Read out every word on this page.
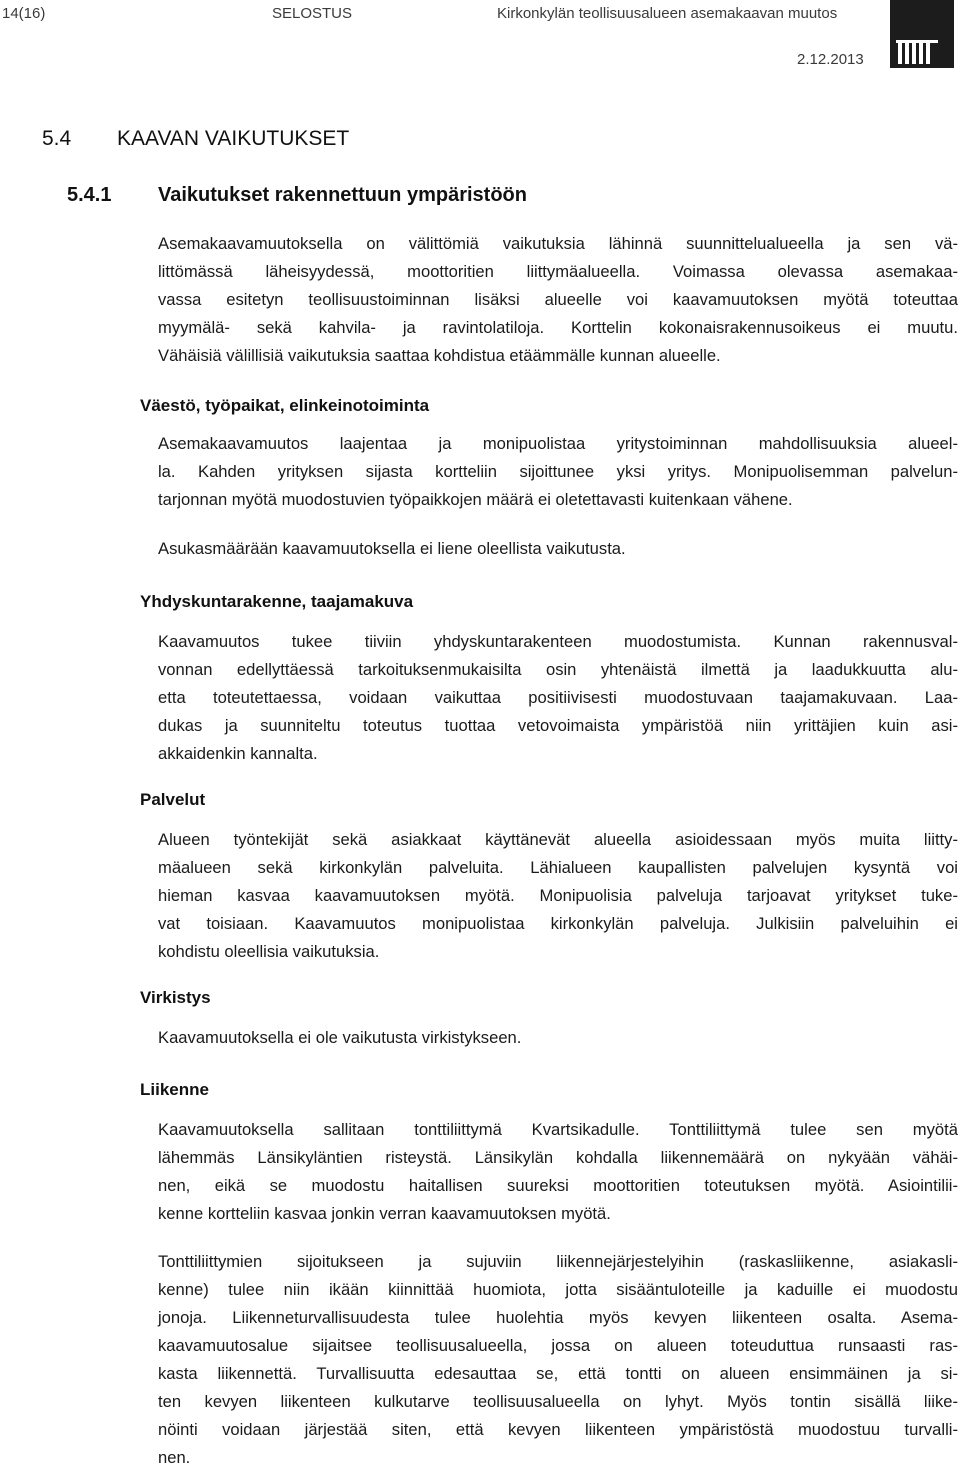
14(16)	SELOSTUS	Kirkonkylän teollisuusalueen asemakaavan muutos
2.12.2013
5.4 KAAVAN VAIKUTUKSET
5.4.1 Vaikutukset rakennettuun ympäristöön
Asemakaavamuutoksella on välittömiä vaikutuksia lähinnä suunnittelualueella ja sen vä-
littömässä läheisyydessä, moottoritien liittymäalueella. Voimassa olevassa asemakaa-
vassa esitetyn teollisuustoiminnan lisäksi alueelle voi kaavamuutoksen myötä toteuttaa
myymälä- sekä kahvila- ja ravintolatiloja. Korttelin kokonaisrakennusoikeus ei muutu.
Vähäisiä välillisiä vaikutuksia saattaa kohdistua etäämmälle kunnan alueelle.
Väestö, työpaikat, elinkeinotoiminta
Asemakaavamuutos laajentaa ja monipuolistaa yritystoiminnan mahdollisuuksia alueel-
la. Kahden yrityksen sijasta kortteliin sijoittunee yksi yritys. Monipuolisemman palvelun-
tarjonnan myötä muodostuvien työpaikkojen määrä ei oletettavasti kuitenkaan vähene.
Asukasmäärään kaavamuutoksella ei liene oleellista vaikutusta.
Yhdyskuntarakenne, taajamakuva
Kaavamuutos tukee tiiviin yhdyskuntarakenteen muodostumista. Kunnan rakennusval-
vonnan edellyttäessä tarkoituksenmukaisilta osin yhtenäistä ilmettä ja laadukkuutta alu-
etta toteutettaessa, voidaan vaikuttaa positiivisesti muodostuvaan taajamakuvaan. Laa-
dukas ja suunniteltu toteutus tuottaa vetovoimaista ympäristöä niin yrittäjien kuin asi-
akkaidenkin kannalta.
Palvelut
Alueen työntekijät sekä asiakkaat käyttänevät alueella asioidessaan myös muita liitty-
mäalueen sekä kirkonkylän palveluita. Lähialueen kaupallisten palvelujen kysyntä voi
hieman kasvaa kaavamuutoksen myötä. Monipuolisia palveluja tarjoavat yritykset tuke-
vat toisiaan. Kaavamuutos monipuolistaa kirkonkylän palveluja. Julkisiin palveluihin ei
kohdistu oleellisia vaikutuksia.
Virkistys
Kaavamuutoksella ei ole vaikutusta virkistykseen.
Liikenne
Kaavamuutoksella sallitaan tonttiliittymä Kvartsikadulle. Tonttiliittymä tulee sen myötä
lähemmäs Länsikyläntien risteystä. Länsikylän kohdalla liikennemäärä on nykyään vähäi-
nen, eikä se muodostu haitallisen suureksi moottoritien toteutuksen myötä. Asiointilii-
kenne kortteliin kasvaa jonkin verran kaavamuutoksen myötä.
Tonttiliittymien sijoitukseen ja sujuviin liikennejärjestelyihin (raskasliikenne, asiakasli-
kenne) tulee niin ikään kiinnittää huomiota, jotta sisääntuloteille ja kaduille ei muodostu
jonoja. Liikenneturvallisuudesta tulee huolehtia myös kevyen liikenteen osalta. Asema-
kaavamuutosalue sijaitsee teollisuusalueella, jossa on alueen toteuduttua runsaasti ras-
kasta liikennettä. Turvallisuutta edesauttaa se, että tontti on alueen ensimmäinen ja si-
ten kevyen liikenteen kulkutarve teollisuusalueella on lyhyt. Myös tontin sisällä liike-
nöinti voidaan järjestää siten, että kevyen liikenteen ympäristöstä muodostuu turvalli-
nen.
